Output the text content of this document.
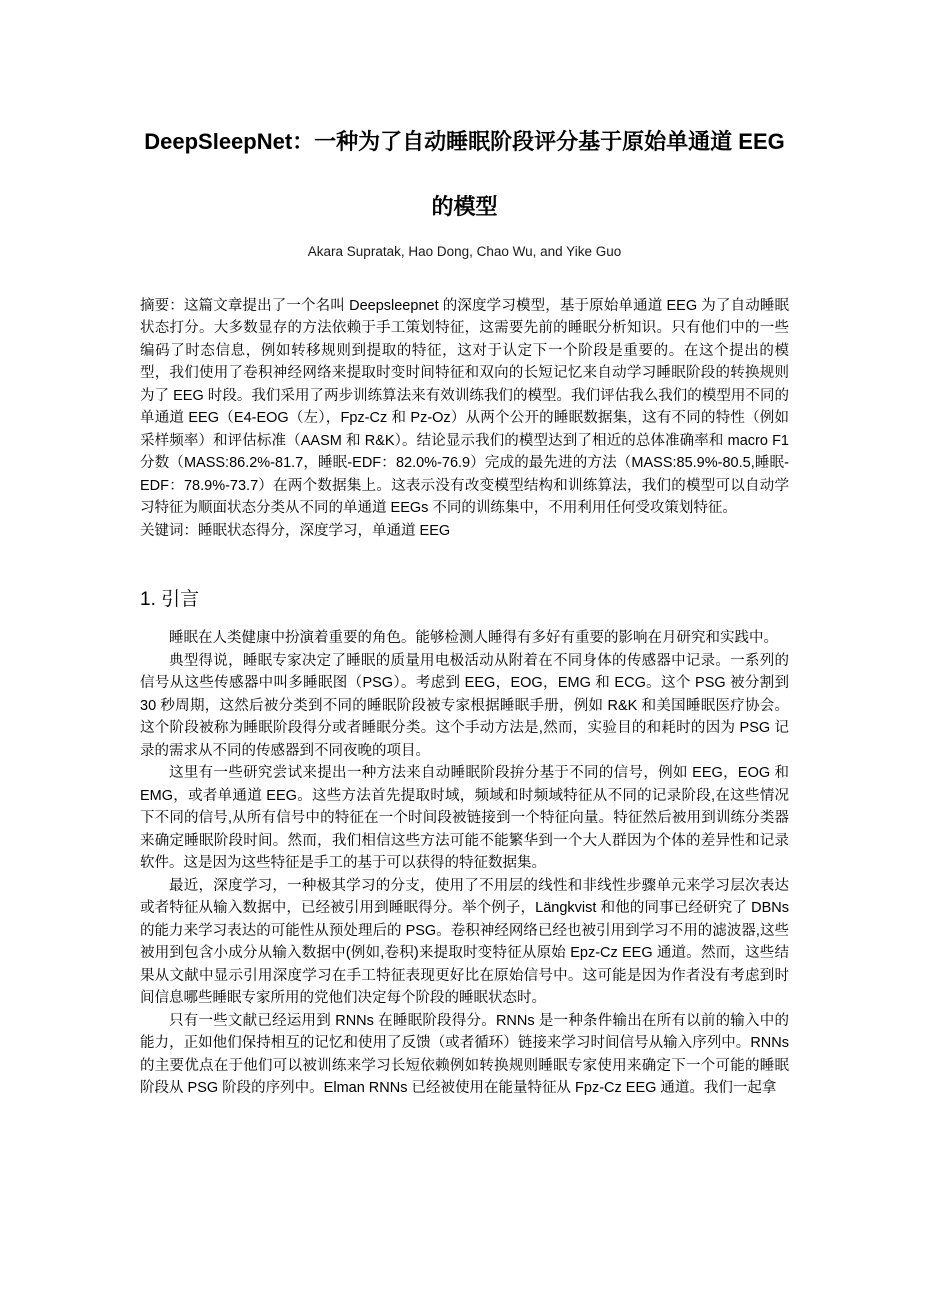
DeepSleepNet：一种为了自动睡眠阶段评分基于原始单通道 EEG
的模型
Akara Supratak, Hao Dong, Chao Wu, and Yike Guo

摘要：这篇文章提出了一个名叫 Deepsleepnet 的深度学习模型，基于原始单通道 EEG 为了自动睡眠状态打分。大多数显存的方法依赖于手工策划特征，这需要先前的睡眠分析知识。只有他们中的一些编码了时态信息，例如转移规则到提取的特征，这对于认定下一个阶段是重要的。在这个提出的模型，我们使用了卷积神经网络来提取时变时间特征和双向的长短记忆来自动学习睡眠阶段的转换规则为了 EEG 时段。我们采用了两步训练算法来有效训练我们的模型。我们评估我么我们的模型用不同的单通道 EEG（E4-EOG（左），Fpz-Cz 和 Pz-Oz）从两个公开的睡眠数据集，这有不同的特性（例如采样频率）和评估标准（AASM 和 R&K）。结论显示我们的模型达到了相近的总体准确率和 macro F1 分数（MASS:86.2%-81.7，睡眠-EDF：82.0%-76.9）完成的最先进的方法（MASS:85.9%-80.5,睡眠-EDF：78.9%-73.7）在两个数据集上。这表示没有改变模型结构和训练算法，我们的模型可以自动学习特征为顺面状态分类从不同的单通道 EEGs 不同的训练集中，不用利用任何受攻策划特征。

关键词：睡眠状态得分，深度学习，单通道 EEG

1. 引言

睡眠在人类健康中扮演着重要的角色。能够检测人睡得有多好有重要的影响在月研究和实践中。

典型得说，睡眠专家决定了睡眠的质量用电极活动从附着在不同身体的传感器中记录。一系列的信号从这些传感器中叫多睡眠图（PSG）。考虑到 EEG，EOG，EMG 和 ECG。这个 PSG 被分割到 30 秒周期，这然后被分类到不同的睡眠阶段被专家根据睡眠手册，例如 R&K 和美国睡眠医疗协会。这个阶段被称为睡眠阶段得分或者睡眠分类。这个手动方法是,然而，实验目的和耗时的因为 PSG 记录的需求从不同的传感器到不同夜晚的项目。

这里有一些研究尝试来提出一种方法来自动睡眠阶段拚分基于不同的信号，例如 EEG，EOG 和 EMG，或者单通道 EEG。这些方法首先提取时域，频域和时频域特征从不同的记录阶段,在这些情况下不同的信号,从所有信号中的特征在一个时间段被链接到一个特征向量。特征然后被用到训练分类器来确定睡眠阶段时间。然而，我们相信这些方法可能不能繁华到一个大人群因为个体的差异性和记录软件。这是因为这些特征是手工的基于可以获得的特征数据集。

最近，深度学习，一种极其学习的分支，使用了不用层的线性和非线性步骤单元来学习层次表达或者特征从输入数据中，已经被引用到睡眠得分。举个例子，Längkvist 和他的同事已经研究了 DBNs 的能力来学习表达的可能性从预处理后的 PSG。卷积神经网络已经也被引用到学习不用的滤波器,这些被用到包含小成分从输入数据中(例如,卷积)来提取时变特征从原始 Epz-Cz EEG 通道。然而，这些结果从文献中显示引用深度学习在手工特征表现更好比在原始信号中。这可能是因为作者没有考虑到时间信息哪些睡眠专家所用的党他们决定每个阶段的睡眠状态时。

只有一些文献已经运用到 RNNs 在睡眠阶段得分。RNNs 是一种条件输出在所有以前的输入中的能力，正如他们保持相互的记忆和使用了反馈（或者循环）链接来学习时间信号从输入序列中。RNNs 的主要优点在于他们可以被训练来学习长短依赖例如转换规则睡眠专家使用来确定下一个可能的睡眠阶段从 PSG 阶段的序列中。Elman RNNs 已经被使用在能量特征从 Fpz-Cz EEG 通道。我们一起拿
